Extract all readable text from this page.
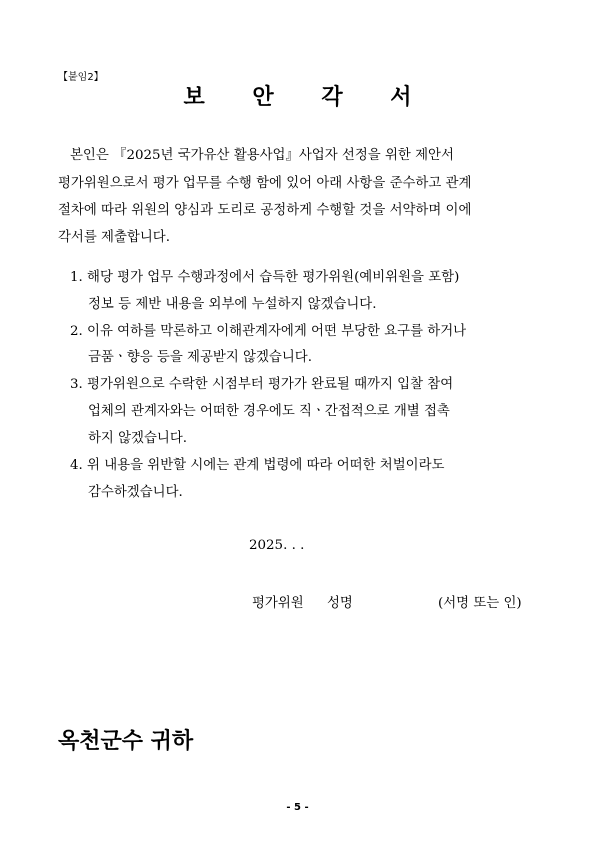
【붙임2】
보 안 각 서
본인은 『2025년 국가유산 활용사업』사업자 선정을 위한 제안서
평가위원으로서 평가 업무를 수행 함에 있어 아래 사항을 준수하고 관계
절차에 따라 위원의 양심과 도리로 공정하게 수행할 것을 서약하며 이에
각서를 제출합니다.
1. 해당 평가 업무 수행과정에서 습득한 평가위원(예비위원을 포함)
정보 등 제반 내용을 외부에 누설하지 않겠습니다.
2. 이유 여하를 막론하고 이해관계자에게 어떤 부당한 요구를 하거나
금품ㆍ향응 등을 제공받지 않겠습니다.
3. 평가위원으로 수락한 시점부터 평가가 완료될 때까지 입찰 참여
업체의 관계자와는 어떠한 경우에도 직ㆍ간접적으로 개별 접촉
하지 않겠습니다.
4. 위 내용을 위반할 시에는 관계 법령에 따라 어떠한 처벌이라도
감수하겠습니다.
2025. . .
평가위원 성명	(서명 또는 인)
옥천군수 귀하
- 5 -
